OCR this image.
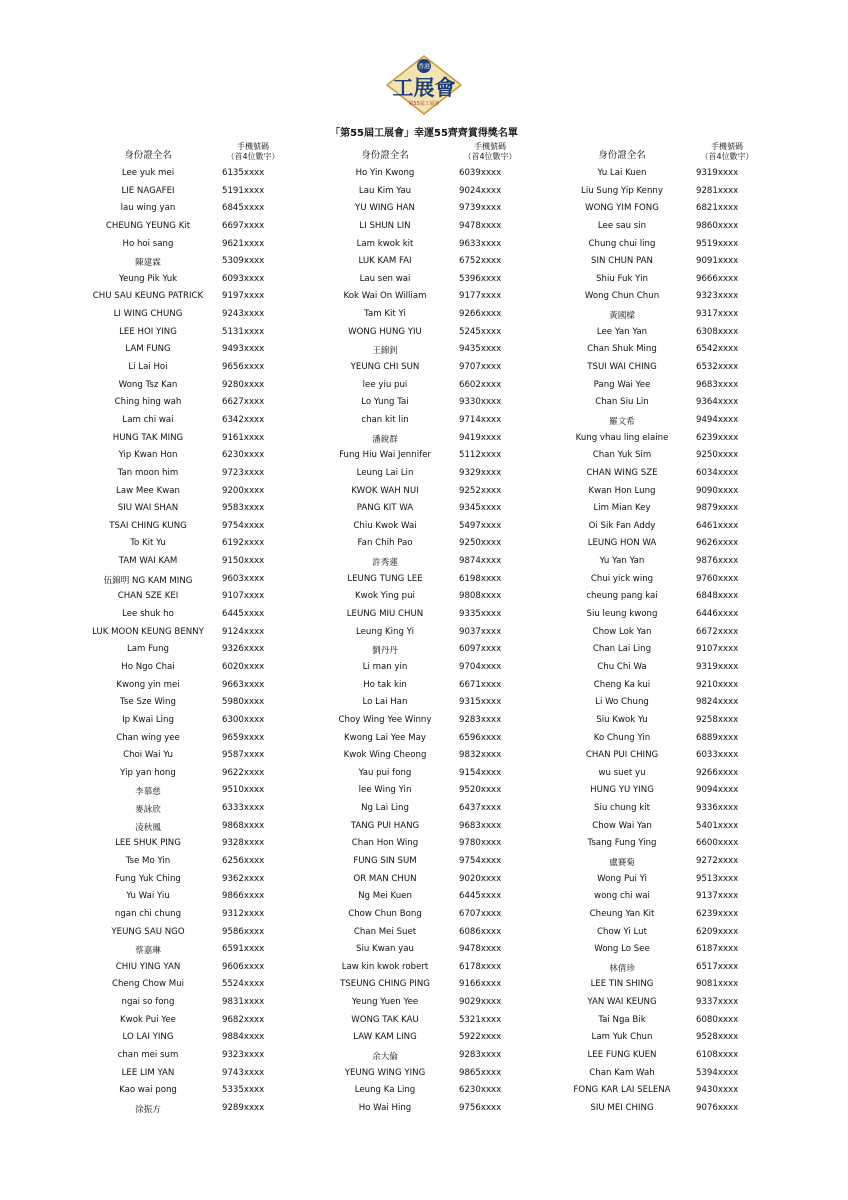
香港
工展會
第55屆工展會
「第55屆工展會」幸運55齊齊賞得獎名單
身份證全名
手機號碼
（首4位數字）
Lee yuk mei	6135xxxx
LIE NAGAFEI	5191xxxx
lau wing yan	6845xxxx
CHEUNG YEUNG Kit	6697xxxx
Ho hoi sang	9621xxxx
陳建霖	5309xxxx
Yeung Pik Yuk	6093xxxx
CHU SAU KEUNG PATRICK	9197xxxx
LI WING CHUNG	9243xxxx
LEE HOI YING	5131xxxx
LAM FUNG	9493xxxx
Li Lai Hoi	9656xxxx
Wong Tsz Kan	9280xxxx
Ching hing wah	6627xxxx
Lam chi wai	6342xxxx
HUNG TAK MING	9161xxxx
Yip Kwan Hon	6230xxxx
Tan moon him	9723xxxx
Law Mee Kwan	9200xxxx
SIU WAI SHAN	9583xxxx
TSAI CHING KUNG	9754xxxx
To Kit Yu	6192xxxx
TAM WAI KAM	9150xxxx
伍錦明 NG KAM MING	9603xxxx
CHAN SZE KEI	9107xxxx
Lee shuk ho	6445xxxx
LUK MOON KEUNG BENNY	9124xxxx
Lam Fung	9326xxxx
Ho Ngo Chai	6020xxxx
Kwong yin mei	9663xxxx
Tse Sze Wing	5980xxxx
Ip Kwai Ling	6300xxxx
Chan wing yee	9659xxxx
Choi Wai Yu	9587xxxx
Yip yan hong	9622xxxx
李慕慈	9510xxxx
麥詠欣	6333xxxx
凌秋鳳	9868xxxx
LEE SHUK PING	9328xxxx
Tse Mo Yin	6256xxxx
Fung Yuk Ching	9362xxxx
Yu Wai Yiu	9866xxxx
ngan chi chung	9312xxxx
YEUNG SAU NGO	9586xxxx
蔡嘉琳	6591xxxx
CHIU YING YAN	9606xxxx
Cheng Chow Mui	5524xxxx
ngai so fong	9831xxxx
Kwok Pui Yee	9682xxxx
LO LAI YING	9884xxxx
chan mei sum	9323xxxx
LEE LIM YAN	9743xxxx
Kao wai pong	5335xxxx
徐振方	9289xxxx
身份證全名
手機號碼
（首4位數字）
Ho Yin Kwong	6039xxxx
Lau Kim Yau	9024xxxx
YU WING HAN	9739xxxx
LI SHUN LIN	9478xxxx
Lam kwok kit	9633xxxx
LUK KAM FAI	6752xxxx
Lau sen wai	5396xxxx
Kok Wai On William	9177xxxx
Tam Kit Yi	9266xxxx
WONG HUNG YIU	5245xxxx
王錦釗	9435xxxx
YEUNG CHI SUN	9707xxxx
lee yiu pui	6602xxxx
Lo Yung Tai	9330xxxx
chan kit lin	9714xxxx
潘銳群	9419xxxx
Fung Hiu Wai Jennifer	5112xxxx
Leung Lai Lin	9329xxxx
KWOK WAH NUI	9252xxxx
PANG KIT WA	9345xxxx
Chiu Kwok Wai	5497xxxx
Fan Chih Pao	9250xxxx
許秀蓮	9874xxxx
LEUNG TUNG LEE	6198xxxx
Kwok Ying pui	9808xxxx
LEUNG MIU CHUN	9335xxxx
Leung King Yi	9037xxxx
劉丹丹	6097xxxx
Li man yin	9704xxxx
Ho tak kin	6671xxxx
Lo Lai Han	9315xxxx
Choy Wing Yee Winny	9283xxxx
Kwong Lai Yee May	6596xxxx
Kwok Wing Cheong	9832xxxx
Yau pui fong	9154xxxx
lee Wing Yin	9520xxxx
Ng Lai Ling	6437xxxx
TANG PUI HANG	9683xxxx
Chan Hon Wing	9780xxxx
FUNG SIN SUM	9754xxxx
OR MAN CHUN	9020xxxx
Ng Mei Kuen	6445xxxx
Chow Chun Bong	6707xxxx
Chan Mei Suet	6086xxxx
Siu Kwan yau	9478xxxx
Law kin kwok robert	6178xxxx
TSEUNG CHING PING	9166xxxx
Yeung Yuen Yee	9029xxxx
WONG TAK KAU	5321xxxx
LAW KAM LING	5922xxxx
余大倫	9283xxxx
YEUNG WING YING	9865xxxx
Leung Ka Ling	6230xxxx
Ho Wai Hing	9756xxxx
身份證全名
手機號碼
（首4位數字）
Yu Lai Kuen	9319xxxx
Liu Sung Yip Kenny	9281xxxx
WONG YIM FONG	6821xxxx
Lee sau sin	9860xxxx
Chung chui ling	9519xxxx
SIN CHUN PAN	9091xxxx
Shiu Fuk Yin	9666xxxx
Wong Chun Chun	9323xxxx
黃國樑	9317xxxx
Lee Yan Yan	6308xxxx
Chan Shuk Ming	6542xxxx
TSUI WAI CHING	6532xxxx
Pang Wai Yee	9683xxxx
Chan Siu Lin	9364xxxx
羅文希	9494xxxx
Kung vhau ling elaine	6239xxxx
Chan Yuk Sim	9250xxxx
CHAN WING SZE	6034xxxx
Kwan Hon Lung	9090xxxx
Lim Mian Key	9879xxxx
Oi Sik Fan Addy	6461xxxx
LEUNG HON WA	9626xxxx
Yu Yan Yan	9876xxxx
Chui yick wing	9760xxxx
cheung pang kai	6848xxxx
Siu leung kwong	6446xxxx
Chow Lok Yan	6672xxxx
Chan Lai Ling	9107xxxx
Chu Chi Wa	9319xxxx
Cheng Ka kui	9210xxxx
Li Wo Chung	9824xxxx
Siu Kwok Yu	9258xxxx
Ko Chung Yin	6889xxxx
CHAN PUI CHING	6033xxxx
wu suet yu	9266xxxx
HUNG YU YING	9094xxxx
Siu chung kit	9336xxxx
Chow Wai Yan	5401xxxx
Tsang Fung Ying	6600xxxx
盧賽菊	9272xxxx
Wong Pui Yi	9513xxxx
wong chi wai	9137xxxx
Cheung Yan Kit	6239xxxx
Chow Yi Lut	6209xxxx
Wong Lo See	6187xxxx
林倩珍	6517xxxx
LEE TIN SHING	9081xxxx
YAN WAI KEUNG	9337xxxx
Tai Nga Bik	6080xxxx
Lam Yuk Chun	9528xxxx
LEE FUNG KUEN	6108xxxx
Chan Kam Wah	5394xxxx
FONG KAR LAI SELENA	9430xxxx
SIU MEI CHING	9076xxxx
